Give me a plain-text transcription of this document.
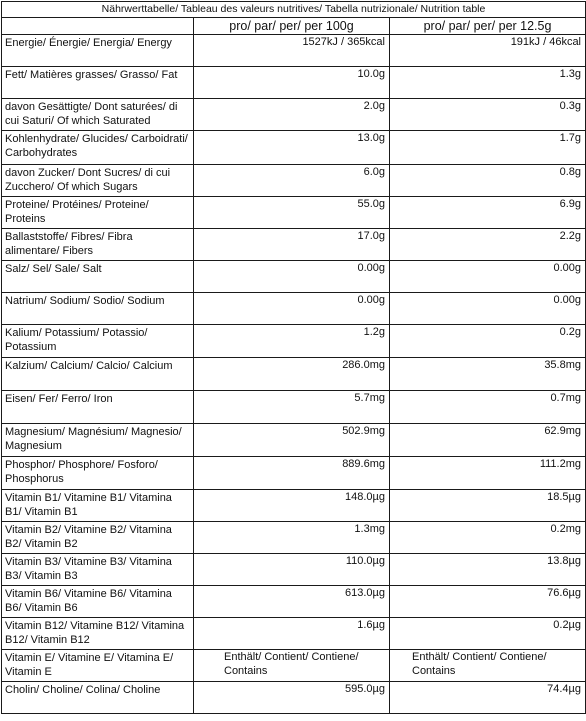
Nährwerttabelle/ Tableau des valeurs nutritives/ Tabella nutrizionale/ Nutrition table		
	pro/ par/ per/ per 100g	pro/ par/ per/ per 12.5g
Energie/ Énergie/ Energia/ Energy	1527kJ / 365kcal	191kJ / 46kcal
Fett/ Matières grasses/ Grasso/ Fat	10.0g	1.3g
davon Gesättigte/ Dont saturées/ di cui Saturi/ Of which Saturated	2.0g	0.3g
Kohlenhydrate/ Glucides/ Carboidrati/ Carbohydrates	13.0g	1.7g
davon Zucker/ Dont Sucres/ di cui Zucchero/ Of which Sugars	6.0g	0.8g
Proteine/ Protéines/ Proteine/ Proteins	55.0g	6.9g
Ballaststoffe/ Fibres/ Fibra alimentare/ Fibers	17.0g	2.2g
Salz/ Sel/ Sale/ Salt	0.00g	0.00g
Natrium/ Sodium/ Sodio/ Sodium	0.00g	0.00g
Kalium/ Potassium/ Potassio/ Potassium	1.2g	0.2g
Kalzium/ Calcium/ Calcio/ Calcium	286.0mg	35.8mg
Eisen/ Fer/ Ferro/ Iron	5.7mg	0.7mg
Magnesium/ Magnésium/ Magnesio/ Magnesium	502.9mg	62.9mg
Phosphor/ Phosphore/ Fosforo/ Phosphorus	889.6mg	111.2mg
Vitamin B1/ Vitamine B1/ Vitamina B1/ Vitamin B1	148.0µg	18.5µg
Vitamin B2/ Vitamine B2/ Vitamina B2/ Vitamin B2	1.3mg	0.2mg
Vitamin B3/ Vitamine B3/ Vitamina B3/ Vitamin B3	110.0µg	13.8µg
Vitamin B6/ Vitamine B6/ Vitamina B6/ Vitamin B6	613.0µg	76.6µg
Vitamin B12/ Vitamine B12/ Vitamina B12/ Vitamin B12	1.6µg	0.2µg
Vitamin E/ Vitamine E/ Vitamina E/ Vitamin E	Enthält/ Contient/ Contiene/ Contains	Enthält/ Contient/ Contiene/ Contains
Cholin/ Choline/ Colina/ Choline	595.0µg	74.4µg
